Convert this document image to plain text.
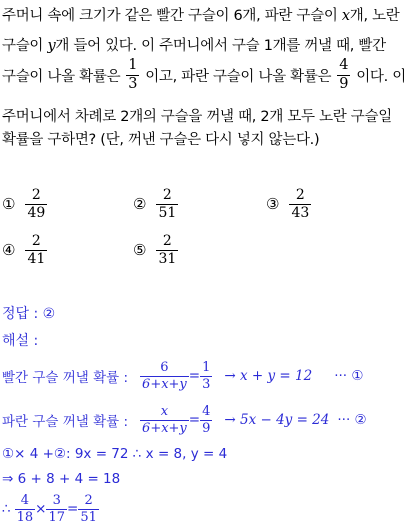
주머니 속에 크기가 같은 빨간 구슬이 6개, 파란 구슬이 x개, 노란
구슬이 y개 들어 있다. 이 주머니에서 구슬 1개를 꺼낼 때, 빨간
구슬이 나올 확률은 $\frac{1}{3}$ 이고, 파란 구슬이 나올 확률은 $\frac{4}{9}$ 이다. 이
주머니에서 차례로 2개의 구슬을 꺼낼 때, 2개 모두 노란 구슬일
확률을 구하면? (단, 꺼낸 구슬은 다시 넣지 않는다.)
① $\frac{2}{49}$	② $\frac{2}{51}$	③ $\frac{2}{43}$
④ $\frac{2}{41}$	⑤ $\frac{2}{31}$
정답 : ②
해설 :
빨간 구슬 꺼낼 확률 : $\frac{6}{6+x+y} = \frac{1}{3} \to x + y = 12$ ··· ①
파란 구슬 꺼낼 확률 : $\frac{x}{6+x+y} = \frac{4}{9} \to 5x - 4y = 24$ ··· ②
①× 4 +②: 9x = 72 ∴ x = 8, y = 4
⇒ 6 + 8 + 4 = 18
∴ $\frac{4}{18} \times \frac{3}{17} = \frac{2}{51}$
